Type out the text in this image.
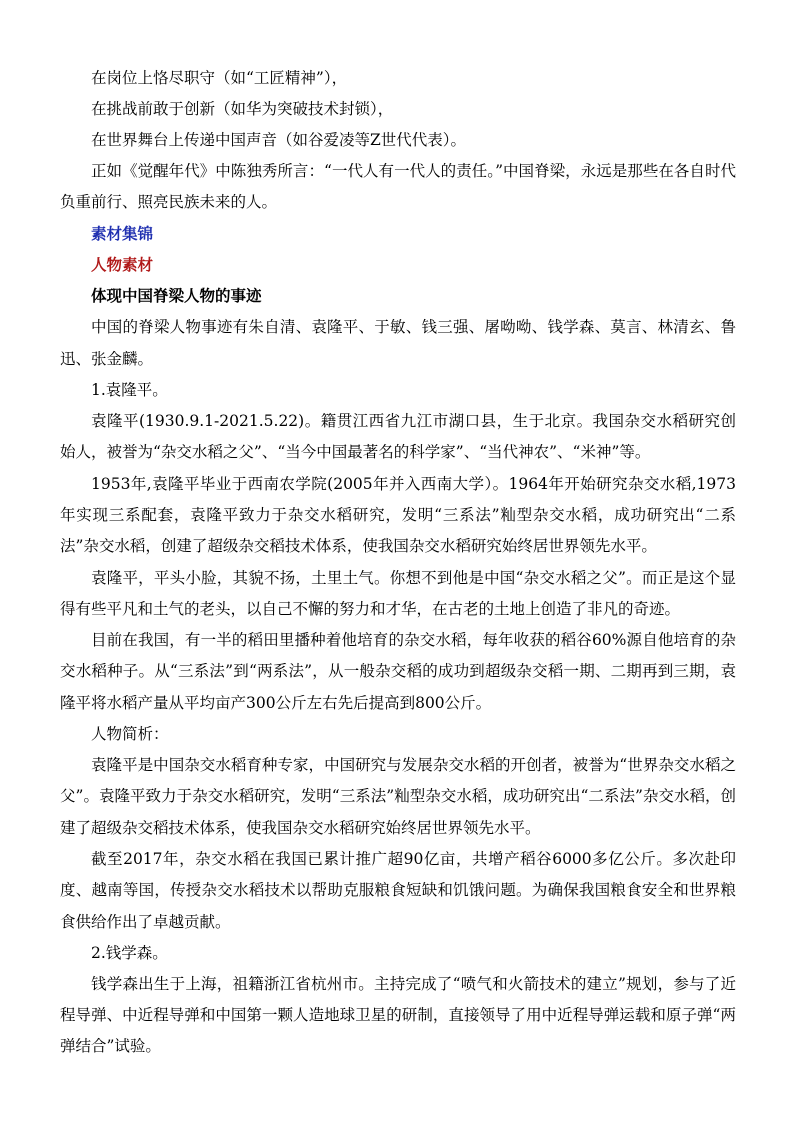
在岗位上恪尽职守（如“工匠精神”），
在挑战前敢于创新（如华为突破技术封锁），
在世界舞台上传递中国声音（如谷爱凌等Z世代代表）。

正如《觉醒年代》中陈独秀所言：“一代人有一代人的责任。”中国脊梁，永远是那些在各自时代负重前行、照亮民族未来的人。

素材集锦
人物素材
体现中国脊梁人物的事迹

中国的脊梁人物事迹有朱自清、袁隆平、于敏、钱三强、屠呦呦、钱学森、莫言、林清玄、鲁迅、张金麟。

1.袁隆平。

袁隆平(1930.9.1-2021.5.22)。籍贯江西省九江市湖口县，生于北京。我国杂交水稻研究创始人，被誉为“杂交水稻之父”、“当今中国最著名的科学家”、“当代神农”、“米神”等。

1953年,袁隆平毕业于西南农学院(2005年并入西南大学）。1964年开始研究杂交水稻,1973年实现三系配套，袁隆平致力于杂交水稻研究，发明“三系法”籼型杂交水稻，成功研究出“二系法”杂交水稻，创建了超级杂交稻技术体系，使我国杂交水稻研究始终居世界领先水平。

袁隆平，平头小脸，其貌不扬，土里土气。你想不到他是中国“杂交水稻之父”。而正是这个显得有些平凡和土气的老头，以自己不懈的努力和才华，在古老的土地上创造了非凡的奇迹。

目前在我国，有一半的稻田里播种着他培育的杂交水稻，每年收获的稻谷60%源自他培育的杂交水稻种子。从“三系法”到“两系法”，从一般杂交稻的成功到超级杂交稻一期、二期再到三期，袁隆平将水稻产量从平均亩产300公斤左右先后提高到800公斤。

人物简析：

袁隆平是中国杂交水稻育种专家，中国研究与发展杂交水稻的开创者，被誉为“世界杂交水稻之父”。袁隆平致力于杂交水稻研究，发明“三系法”籼型杂交水稻，成功研究出“二系法”杂交水稻，创建了超级杂交稻技术体系，使我国杂交水稻研究始终居世界领先水平。

截至2017年，杂交水稻在我国已累计推广超90亿亩，共增产稻谷6000多亿公斤。多次赴印度、越南等国，传授杂交水稻技术以帮助克服粮食短缺和饥饿问题。为确保我国粮食安全和世界粮食供给作出了卓越贡献。

2.钱学森。

钱学森出生于上海，祖籍浙江省杭州市。主持完成了“喷气和火箭技术的建立”规划，参与了近程导弹、中近程导弹和中国第一颗人造地球卫星的研制，直接领导了用中近程导弹运载和原子弹“两弹结合”试验。
